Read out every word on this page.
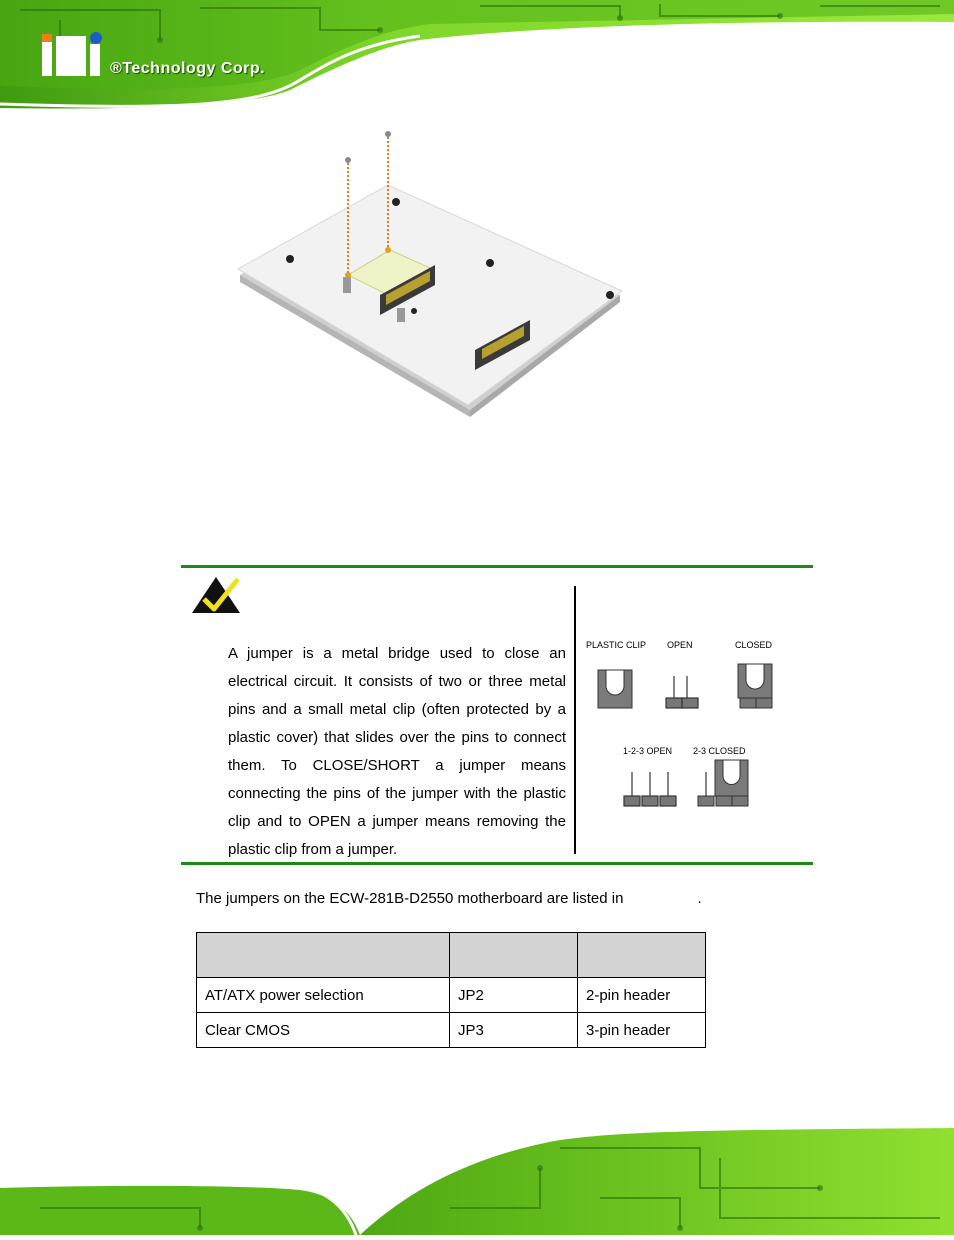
®Technology Corp.
A jumper is a metal bridge used to close an electrical circuit. It consists of two or three metal pins and a small metal clip (often protected by a plastic cover) that slides over the pins to connect them. To CLOSE/SHORT a jumper means connecting the pins of the jumper with the plastic clip and to OPEN a jumper means removing the plastic clip from a jumper.
PLASTIC CLIP OPEN	CLOSED
1-2-3 OPEN 2-3 CLOSED
The jumpers on the ECW-281B-D2550 motherboard are listed in	.

AT/ATX power selection	JP2	2-pin header
Clear CMOS	JP3	3-pin header
